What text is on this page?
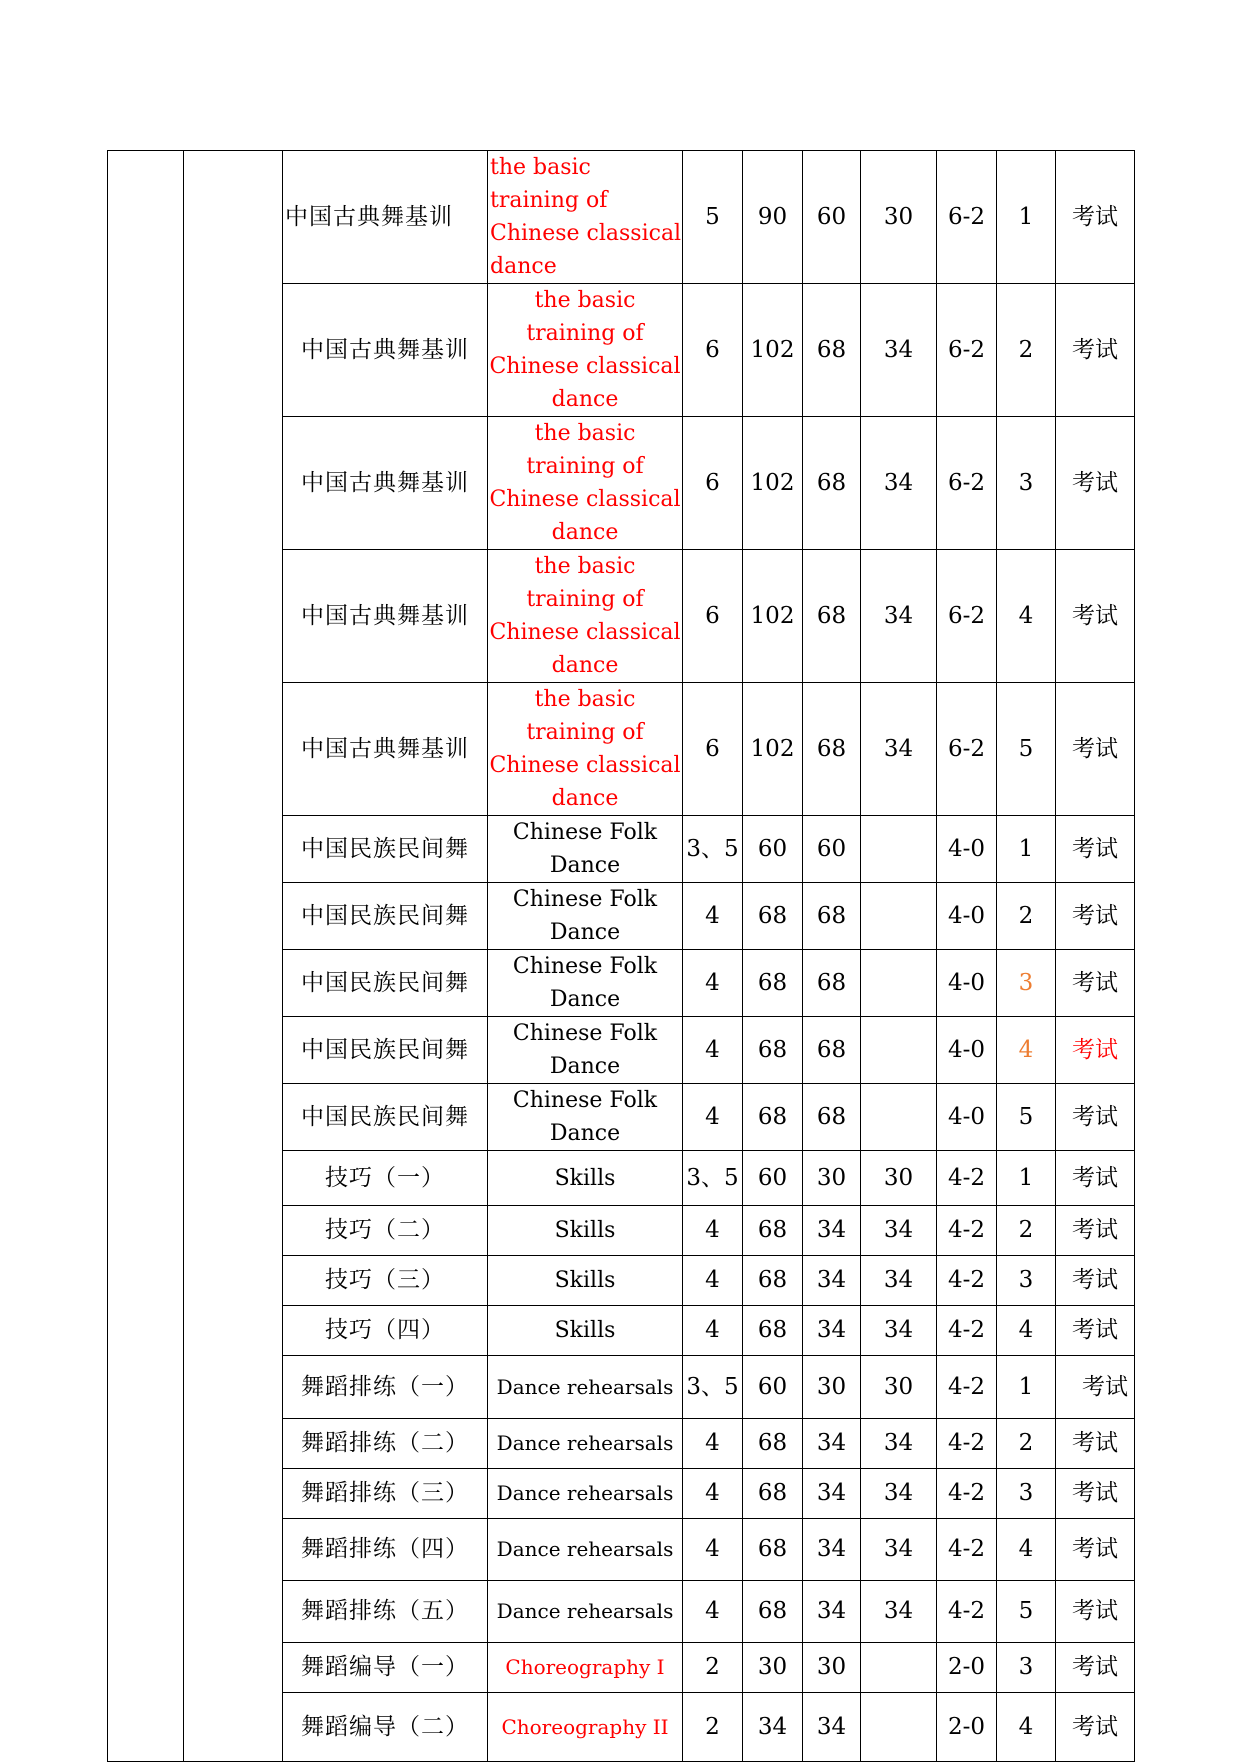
		中国古典舞基训	the basic training of Chinese classical dance	5	90	60	30	6-2	1	考试
		中国古典舞基训	the basic training of Chinese classical dance	6	102	68	34	6-2	2	考试
		中国古典舞基训	the basic training of Chinese classical dance	6	102	68	34	6-2	3	考试
		中国古典舞基训	the basic training of Chinese classical dance	6	102	68	34	6-2	4	考试
		中国古典舞基训	the basic training of Chinese classical dance	6	102	68	34	6-2	5	考试
		中国民族民间舞	Chinese Folk Dance	3、5	60	60		4-0	1	考试
		中国民族民间舞	Chinese Folk Dance	4	68	68		4-0	2	考试
		中国民族民间舞	Chinese Folk Dance	4	68	68		4-0	3	考试
		中国民族民间舞	Chinese Folk Dance	4	68	68		4-0	4	考试
		中国民族民间舞	Chinese Folk Dance	4	68	68		4-0	5	考试
		技巧（一）	Skills	3、5	60	30	30	4-2	1	考试
		技巧（二）	Skills	4	68	34	34	4-2	2	考试
		技巧（三）	Skills	4	68	34	34	4-2	3	考试
		技巧（四）	Skills	4	68	34	34	4-2	4	考试
		舞蹈排练（一）	Dance rehearsals	3、5	60	30	30	4-2	1	考试
		舞蹈排练（二）	Dance rehearsals	4	68	34	34	4-2	2	考试
		舞蹈排练（三）	Dance rehearsals	4	68	34	34	4-2	3	考试
		舞蹈排练（四）	Dance rehearsals	4	68	34	34	4-2	4	考试
		舞蹈排练（五）	Dance rehearsals	4	68	34	34	4-2	5	考试
		舞蹈编导（一）	Choreography I	2	30	30		2-0	3	考试
		舞蹈编导（二）	Choreography II	2	34	34		2-0	4	考试
